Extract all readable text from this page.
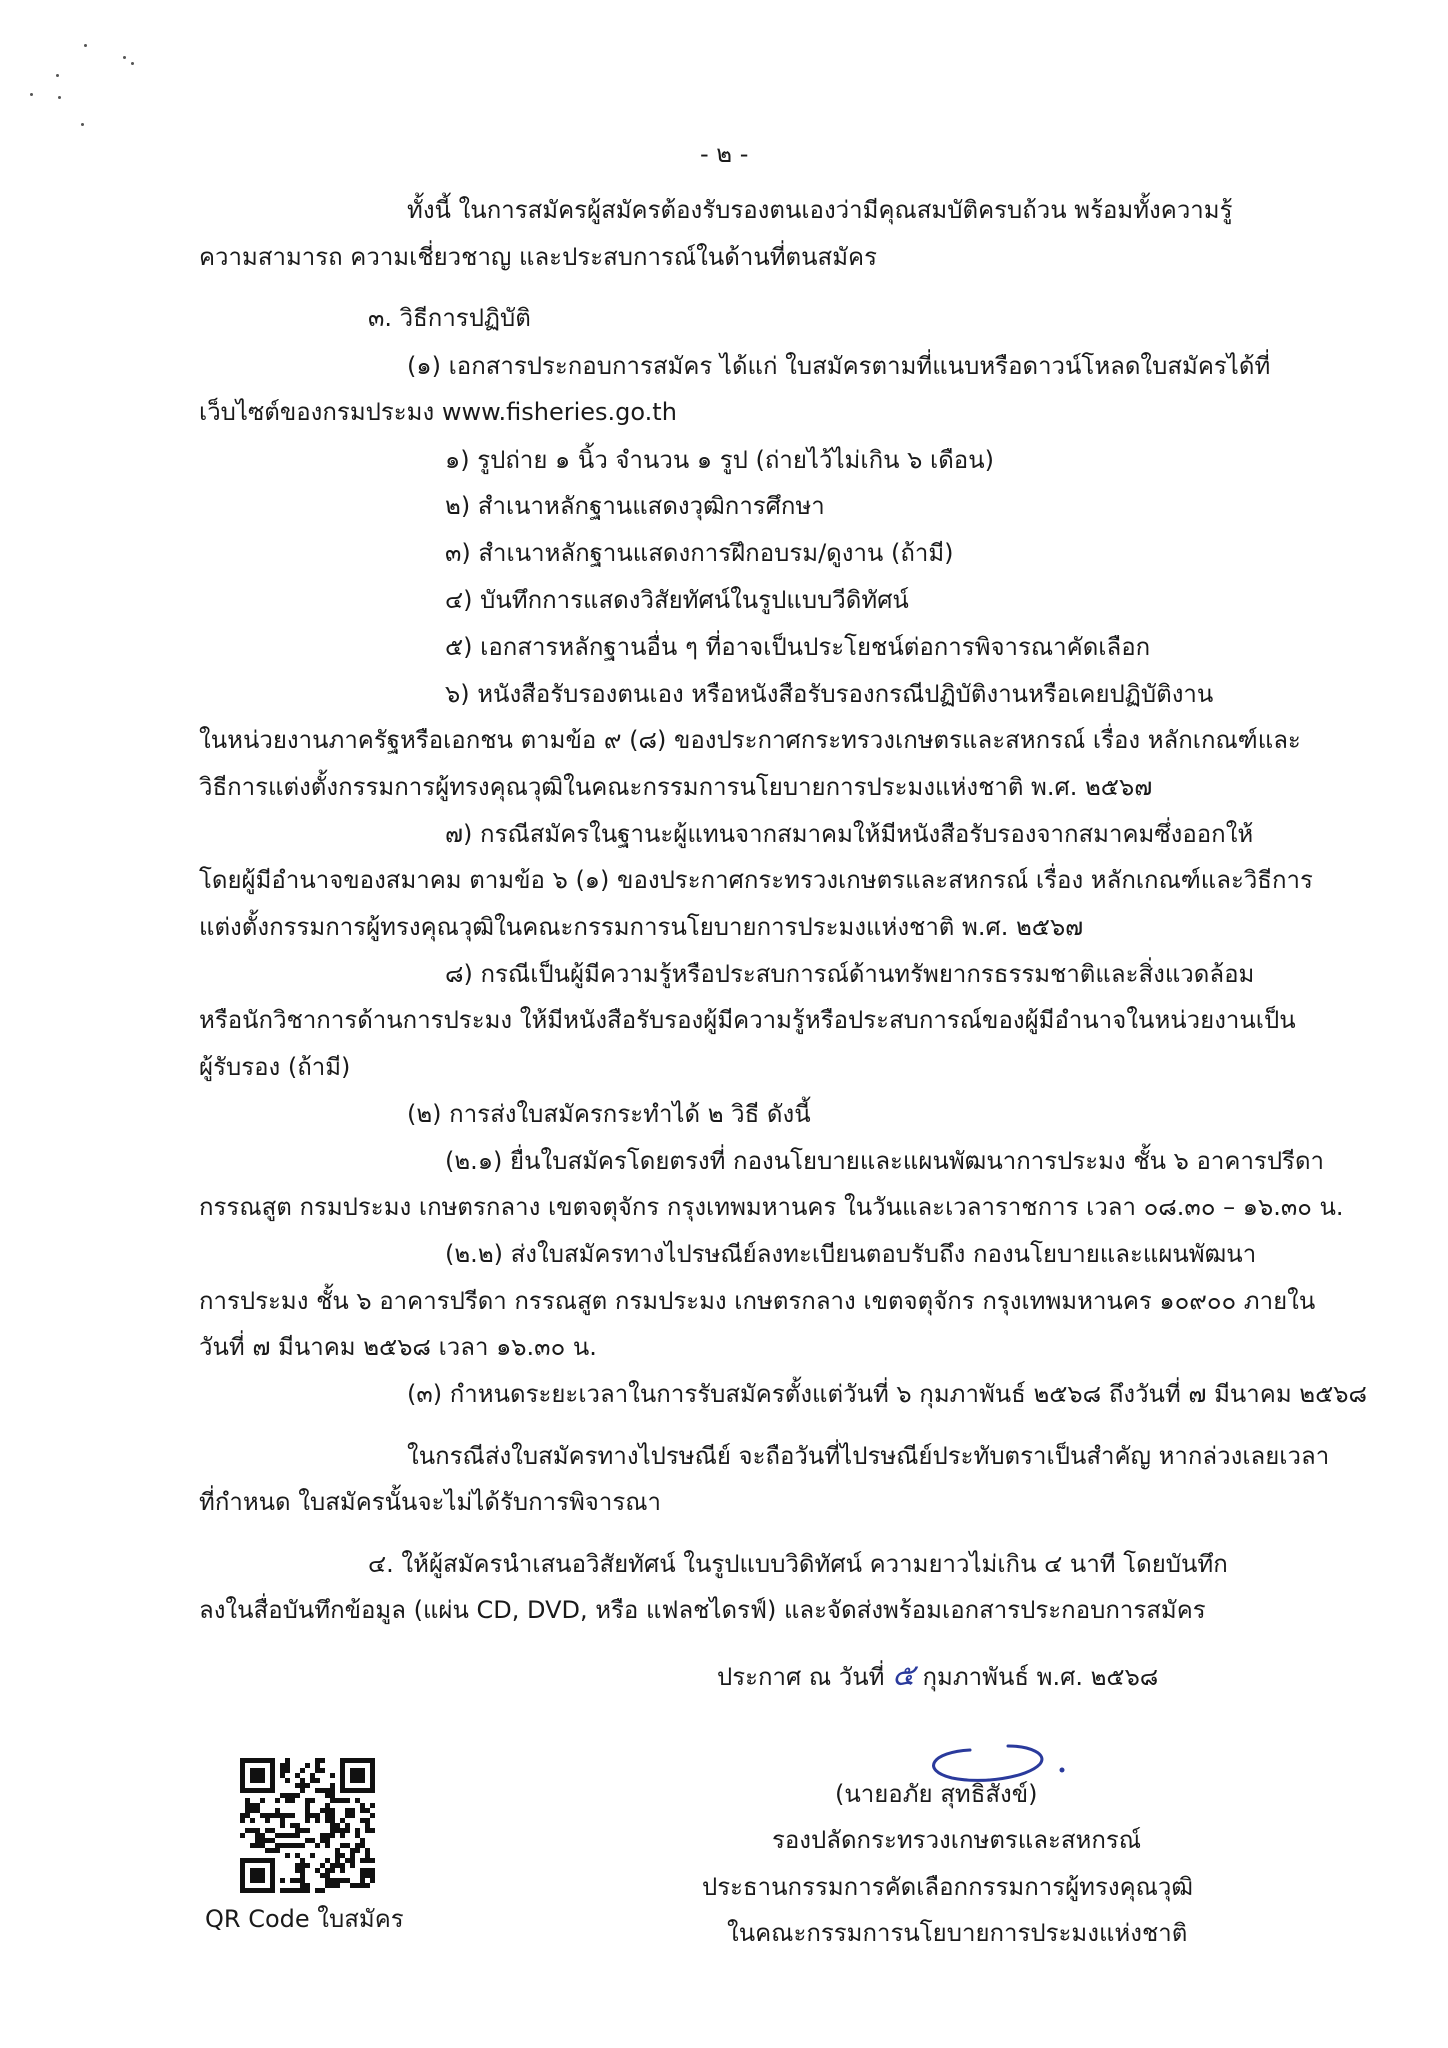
- ๒ -
ทั้งนี้ ในการสมัครผู้สมัครต้องรับรองตนเองว่ามีคุณสมบัติครบถ้วน พร้อมทั้งความรู้
ความสามารถ ความเชี่ยวชาญ และประสบการณ์ในด้านที่ตนสมัคร
๓. วิธีการปฏิบัติ
(๑) เอกสารประกอบการสมัคร ได้แก่ ใบสมัครตามที่แนบหรือดาวน์โหลดใบสมัครได้ที่
เว็บไซต์ของกรมประมง www.fisheries.go.th
๑) รูปถ่าย ๑ นิ้ว จำนวน ๑ รูป (ถ่ายไว้ไม่เกิน ๖ เดือน)
๒) สำเนาหลักฐานแสดงวุฒิการศึกษา
๓) สำเนาหลักฐานแสดงการฝึกอบรม/ดูงาน (ถ้ามี)
๔) บันทึกการแสดงวิสัยทัศน์ในรูปแบบวีดิทัศน์
๕) เอกสารหลักฐานอื่น ๆ ที่อาจเป็นประโยชน์ต่อการพิจารณาคัดเลือก
๖) หนังสือรับรองตนเอง หรือหนังสือรับรองกรณีปฏิบัติงานหรือเคยปฏิบัติงาน
ในหน่วยงานภาครัฐหรือเอกชน ตามข้อ ๙ (๘) ของประกาศกระทรวงเกษตรและสหกรณ์ เรื่อง หลักเกณฑ์และ
วิธีการแต่งตั้งกรรมการผู้ทรงคุณวุฒิในคณะกรรมการนโยบายการประมงแห่งชาติ พ.ศ. ๒๕๖๗
๗) กรณีสมัครในฐานะผู้แทนจากสมาคมให้มีหนังสือรับรองจากสมาคมซึ่งออกให้
โดยผู้มีอำนาจของสมาคม ตามข้อ ๖ (๑) ของประกาศกระทรวงเกษตรและสหกรณ์ เรื่อง หลักเกณฑ์และวิธีการ
แต่งตั้งกรรมการผู้ทรงคุณวุฒิในคณะกรรมการนโยบายการประมงแห่งชาติ พ.ศ. ๒๕๖๗
๘) กรณีเป็นผู้มีความรู้หรือประสบการณ์ด้านทรัพยากรธรรมชาติและสิ่งแวดล้อม
หรือนักวิชาการด้านการประมง ให้มีหนังสือรับรองผู้มีความรู้หรือประสบการณ์ของผู้มีอำนาจในหน่วยงานเป็น
ผู้รับรอง (ถ้ามี)
(๒) การส่งใบสมัครกระทำได้ ๒ วิธี ดังนี้
(๒.๑) ยื่นใบสมัครโดยตรงที่ กองนโยบายและแผนพัฒนาการประมง ชั้น ๖ อาคารปรีดา
กรรณสูต กรมประมง เกษตรกลาง เขตจตุจักร กรุงเทพมหานคร ในวันและเวลาราชการ เวลา ๐๘.๓๐ – ๑๖.๓๐ น.
(๒.๒) ส่งใบสมัครทางไปรษณีย์ลงทะเบียนตอบรับถึง กองนโยบายและแผนพัฒนา
การประมง ชั้น ๖ อาคารปรีดา กรรณสูต กรมประมง เกษตรกลาง เขตจตุจักร กรุงเทพมหานคร ๑๐๙๐๐ ภายใน
วันที่ ๗ มีนาคม ๒๕๖๘ เวลา ๑๖.๓๐ น.
(๓) กำหนดระยะเวลาในการรับสมัครตั้งแต่วันที่ ๖ กุมภาพันธ์ ๒๕๖๘ ถึงวันที่ ๗ มีนาคม ๒๕๖๘
ในกรณีส่งใบสมัครทางไปรษณีย์ จะถือวันที่ไปรษณีย์ประทับตราเป็นสำคัญ หากล่วงเลยเวลา
ที่กำหนด ใบสมัครนั้นจะไม่ได้รับการพิจารณา
๔. ให้ผู้สมัครนำเสนอวิสัยทัศน์ ในรูปแบบวิดิทัศน์ ความยาวไม่เกิน ๔ นาที โดยบันทึก
ลงในสื่อบันทึกข้อมูล (แผ่น CD, DVD, หรือ แฟลชไดรฟ์) และจัดส่งพร้อมเอกสารประกอบการสมัคร
ประกาศ ณ วันที่ ๕ กุมภาพันธ์ พ.ศ. ๒๕๖๘
(นายอภัย สุทธิสังข์)
รองปลัดกระทรวงเกษตรและสหกรณ์
ประธานกรรมการคัดเลือกกรรมการผู้ทรงคุณวุฒิ
ในคณะกรรมการนโยบายการประมงแห่งชาติ
QR Code ใบสมัคร
